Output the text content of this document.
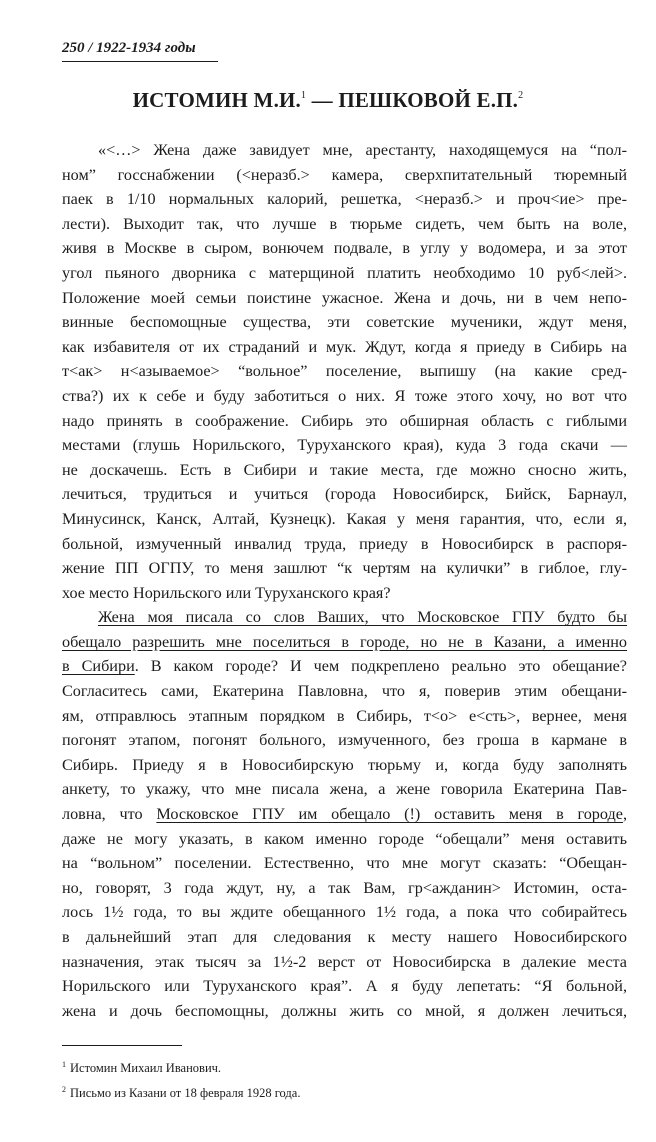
250 / 1922-1934 годы
ИСТОМИН М.И.$^1$ — ПЕШКОВОЙ Е.П.$^2$
«<…> Жена даже завидует мне, арестанту, находящемуся на “пол-
ном” госснабжении (<неразб.> камера, сверхпитательный тюремный
паек в 1/10 нормальных калорий, решетка, <неразб.> и проч<ие> пре-
лести). Выходит так, что лучше в тюрьме сидеть, чем быть на воле,
живя в Москве в сыром, вонючем подвале, в углу у водомера, и за этот
угол пьяного дворника с матерщиной платить необходимо 10 руб<лей>.
Положение моей семьи поистине ужасное. Жена и дочь, ни в чем непо-
винные беспомощные существа, эти советские мученики, ждут меня,
как избавителя от их страданий и мук. Ждут, когда я приеду в Сибирь на
т<ак> н<азываемое> “вольное” поселение, выпишу (на какие сред-
ства?) их к себе и буду заботиться о них. Я тоже этого хочу, но вот что
надо принять в соображение. Сибирь это обширная область с гиблыми
местами (глушь Норильского, Туруханского края), куда 3 года скачи —
не доскачешь. Есть в Сибири и такие места, где можно сносно жить,
лечиться, трудиться и учиться (города Новосибирск, Бийск, Барнаул,
Минусинск, Канск, Алтай, Кузнецк). Какая у меня гарантия, что, если я,
больной, измученный инвалид труда, приеду в Новосибирск в распоря-
жение ПП ОГПУ, то меня зашлют “к чертям на кулички” в гиблое, глу-
хое место Норильского или Туруханского края?
Жена моя писала со слов Ваших, что Московское ГПУ будто бы
обещало разрешить мне поселиться в городе, но не в Казани, а именно
в Сибири. В каком городе? И чем подкреплено реально это обещание?
Согласитесь сами, Екатерина Павловна, что я, поверив этим обещани-
ям, отправлюсь этапным порядком в Сибирь, т<о> е<сть>, вернее, меня
погонят этапом, погонят больного, измученного, без гроша в кармане в
Сибирь. Приеду я в Новосибирскую тюрьму и, когда буду заполнять
анкету, то укажу, что мне писала жена, а жене говорила Екатерина Пав-
ловна, что Московское ГПУ им обещало (!) оставить меня в городе,
даже не могу указать, в каком именно городе “обещали” меня оставить
на “вольном” поселении. Естественно, что мне могут сказать: “Обещан-
но, говорят, 3 года ждут, ну, а так Вам, гр<ажданин> Истомин, оста-
лось 1½ года, то вы ждите обещанного 1½ года, а пока что собирайтесь
в дальнейший этап для следования к месту нашего Новосибирского
назначения, этак тысяч за 1½-2 верст от Новосибирска в далекие места
Норильского или Туруханского края”. А я буду лепетать: “Я больной,
жена и дочь беспомощны, должны жить со мной, я должен лечиться,
$^1$ Истомин Михаил Иванович.
$^2$ Письмо из Казани от 18 февраля 1928 года.
